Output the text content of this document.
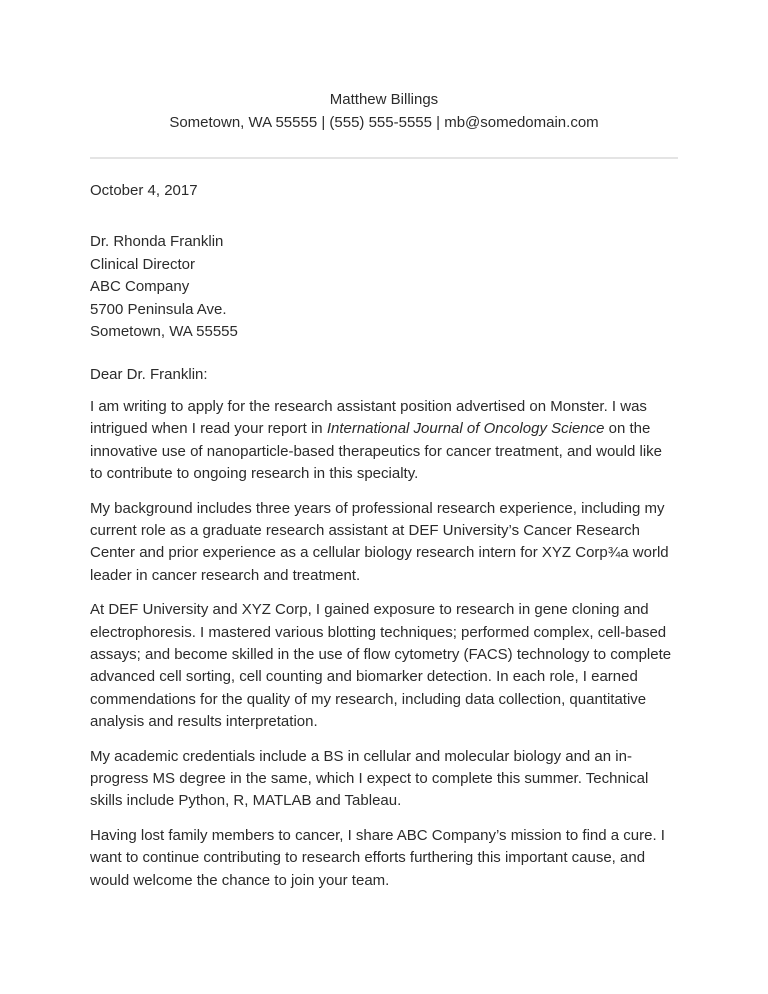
Matthew Billings
Sometown, WA 55555 | (555) 555-5555 | mb@somedomain.com
October 4, 2017
Dr. Rhonda Franklin
Clinical Director
ABC Company
5700 Peninsula Ave.
Sometown, WA 55555

Dear Dr. Franklin:

I am writing to apply for the research assistant position advertised on Monster. I was intrigued when I read your report in International Journal of Oncology Science on the innovative use of nanoparticle-based therapeutics for cancer treatment, and would like to contribute to ongoing research in this specialty.

My background includes three years of professional research experience, including my current role as a graduate research assistant at DEF University’s Cancer Research Center and prior experience as a cellular biology research intern for XYZ Corp¾a world leader in cancer research and treatment.

At DEF University and XYZ Corp, I gained exposure to research in gene cloning and electrophoresis. I mastered various blotting techniques; performed complex, cell-based assays; and become skilled in the use of flow cytometry (FACS) technology to complete advanced cell sorting, cell counting and biomarker detection. In each role, I earned commendations for the quality of my research, including data collection, quantitative analysis and results interpretation.

My academic credentials include a BS in cellular and molecular biology and an in-progress MS degree in the same, which I expect to complete this summer. Technical skills include Python, R, MATLAB and Tableau.

Having lost family members to cancer, I share ABC Company’s mission to find a cure. I want to continue contributing to research efforts furthering this important cause, and would welcome the chance to join your team.
